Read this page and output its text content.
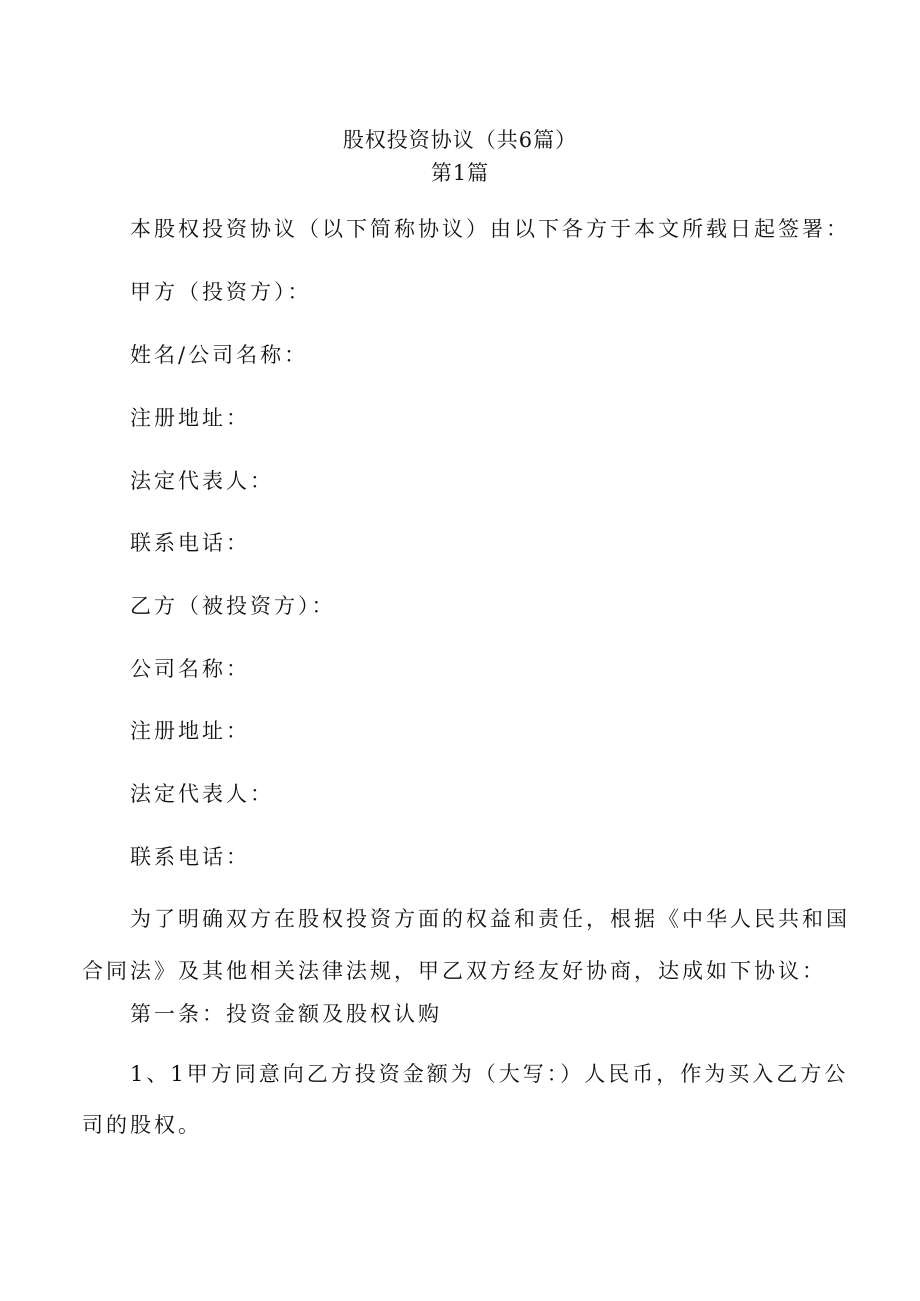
股权投资协议（共6篇）
第1篇
本股权投资协议（以下简称协议）由以下各方于本文所载日起签署：
甲方（投资方）：
姓名/公司名称：
注册地址：
法定代表人：
联系电话：
乙方（被投资方）：
公司名称：
注册地址：
法定代表人：
联系电话：
为了明确双方在股权投资方面的权益和责任，根据《中华人民共和国
合同法》及其他相关法律法规，甲乙双方经友好协商，达成如下协议：
第一条：投资金额及股权认购
1、1甲方同意向乙方投资金额为（大写：）人民币，作为买入乙方公
司的股权。
